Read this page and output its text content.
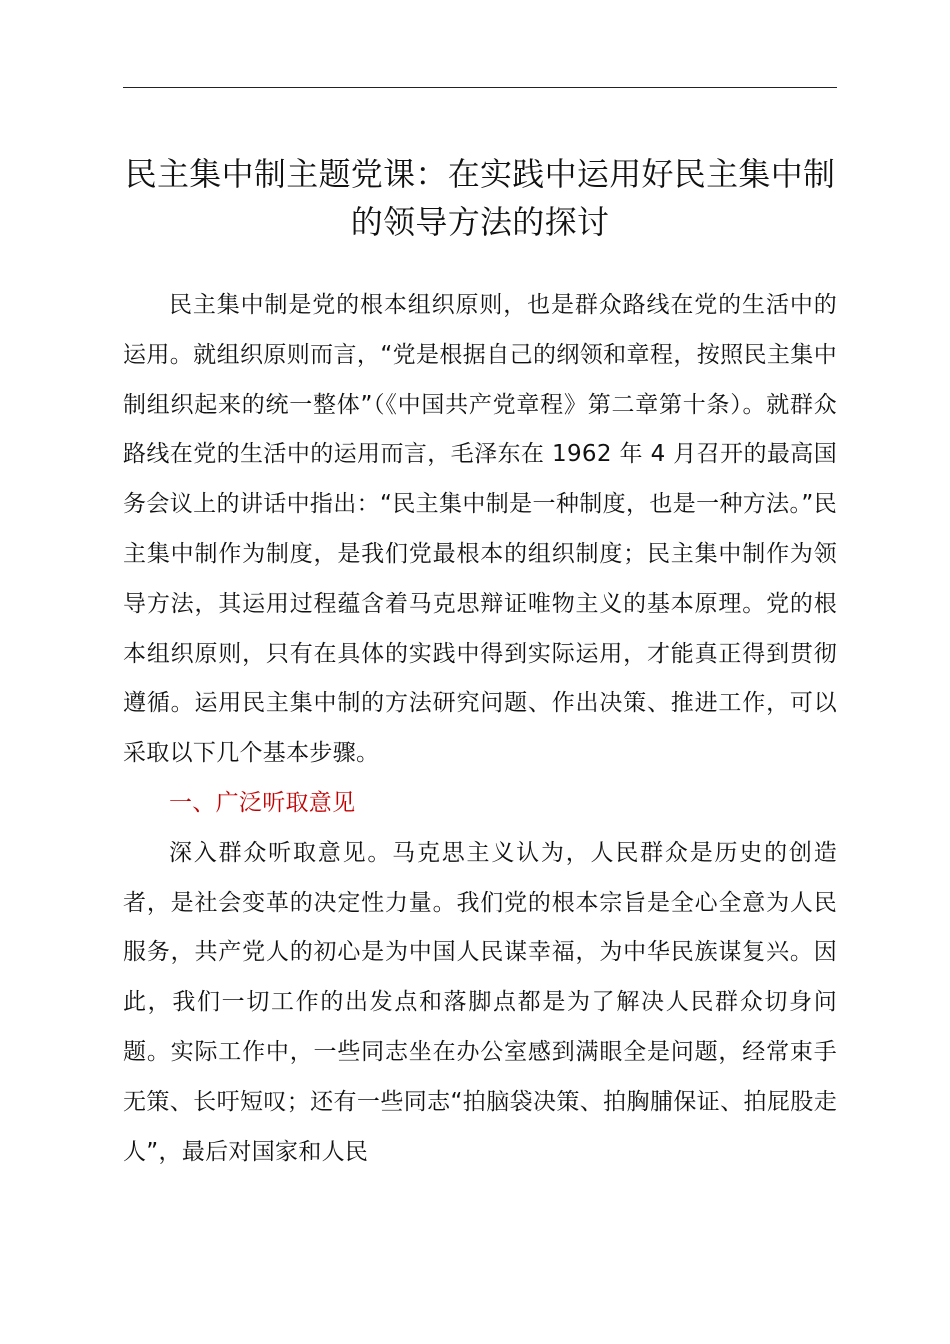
民主集中制主题党课：在实践中运用好民主集中制的领导方法的探讨

民主集中制是党的根本组织原则，也是群众路线在党的生活中的运用。就组织原则而言，“党是根据自己的纲领和章程，按照民主集中制组织起来的统一整体”（《中国共产党章程》第二章第十条）。就群众路线在党的生活中的运用而言，毛泽东在 1962 年 4 月召开的最高国务会议上的讲话中指出：“民主集中制是一种制度，也是一种方法。”民主集中制作为制度，是我们党最根本的组织制度；民主集中制作为领导方法，其运用过程蕴含着马克思辩证唯物主义的基本原理。党的根本组织原则，只有在具体的实践中得到实际运用，才能真正得到贯彻遵循。运用民主集中制的方法研究问题、作出决策、推进工作，可以采取以下几个基本步骤。

一、广泛听取意见

深入群众听取意见。马克思主义认为，人民群众是历史的创造者，是社会变革的决定性力量。我们党的根本宗旨是全心全意为人民服务，共产党人的初心是为中国人民谋幸福，为中华民族谋复兴。因此，我们一切工作的出发点和落脚点都是为了解决人民群众切身问题。实际工作中，一些同志坐在办公室感到满眼全是问题，经常束手无策、长吁短叹；还有一些同志“拍脑袋决策、拍胸脯保证、拍屁股走人”，最后对国家和人民
